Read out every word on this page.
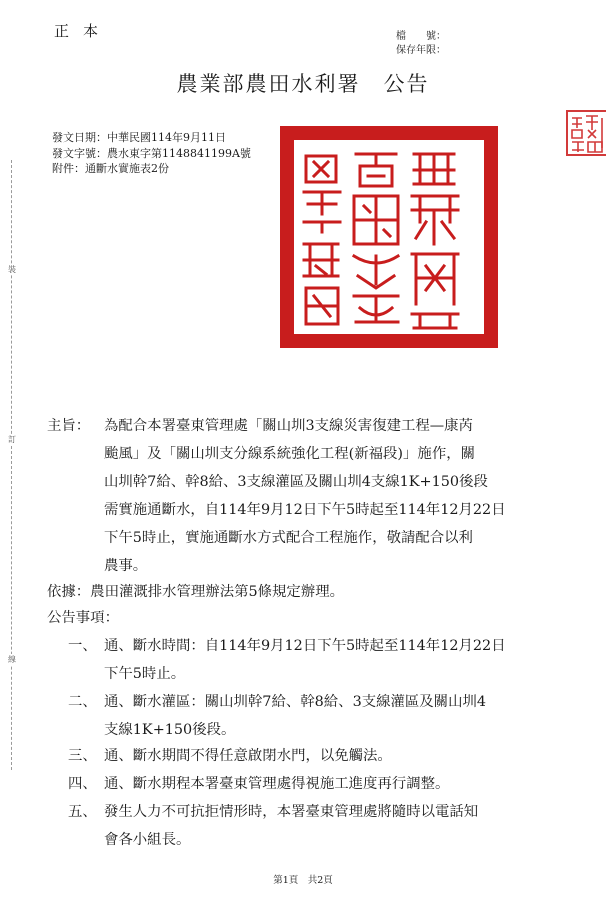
正本	檔　　號：
保存年限：
農業部農田水利署　公告
發文日期：中華民國114年9月11日
發文字號：農水東字第1148841199A號
附件：通斷水實施表2份
裝
訂
線
主旨： 為配合本署臺東管理處「關山圳3支線災害復建工程—康芮
颱風」及「關山圳支分線系統強化工程(新福段)」施作，關
山圳幹7給、幹8給、3支線灌區及關山圳4支線1K+150後段
需實施通斷水，自114年9月12日下午5時起至114年12月22日
下午5時止，實施通斷水方式配合工程施作，敬請配合以利
農事。
依據：農田灌溉排水管理辦法第5條規定辦理。
公告事項：
一、 通、斷水時間：自114年9月12日下午5時起至114年12月22日
下午5時止。
二、 通、斷水灌區：關山圳幹7給、幹8給、3支線灌區及關山圳4
支線1K+150後段。
三、 通、斷水期間不得任意啟閉水門，以免觸法。
四、 通、斷水期程本署臺東管理處得視施工進度再行調整。
五、 發生人力不可抗拒情形時，本署臺東管理處將隨時以電話知
會各小組長。
第1頁　共2頁
